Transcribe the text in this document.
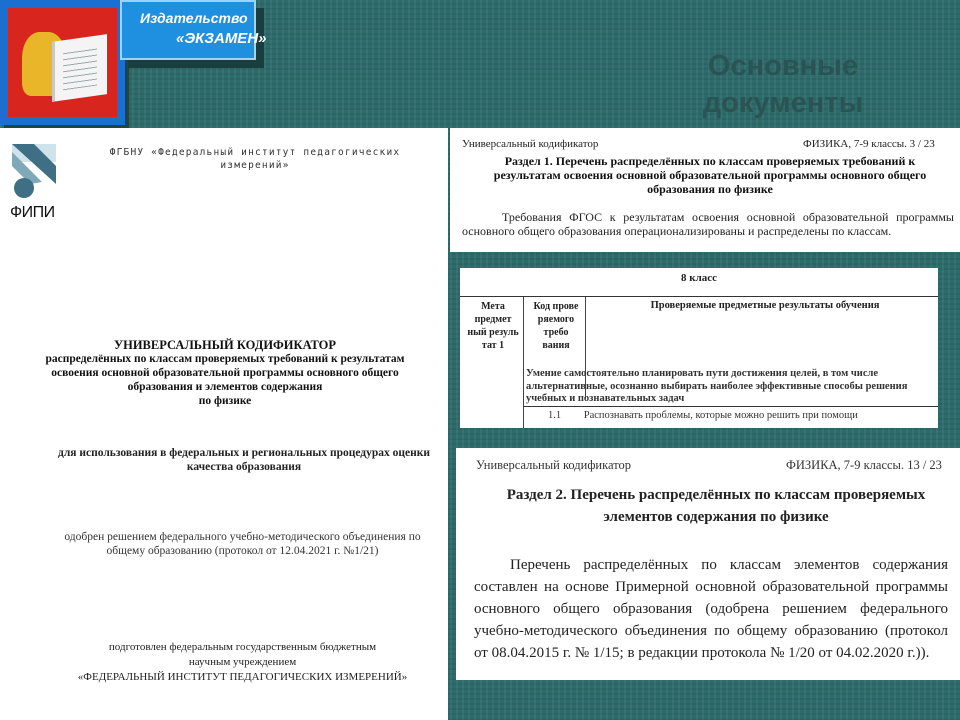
Издательство
«ЭКЗАМЕН»
Основные
документы
ФИПИ
ФГБНУ «Федеральный институт педагогических измерений»
УНИВЕРСАЛЬНЫЙ КОДИФИКАТОР
распределённых по классам проверяемых требований к результатам
освоения основной образовательной программы основного общего
образования и элементов содержания
по физике
для использования в федеральных и региональных процедурах оценки
качества образования
одобрен решением федерального учебно-методического объединения по
общему образованию (протокол от 12.04.2021 г. №1/21)
подготовлен федеральным государственным бюджетным
научным учреждением
«ФЕДЕРАЛЬНЫЙ ИНСТИТУТ ПЕДАГОГИЧЕСКИХ ИЗМЕРЕНИЙ»
Универсальный кодификатор	ФИЗИКА, 7-9 классы. 3 / 23
Раздел 1. Перечень распределённых по классам проверяемых требований к результатам освоения основной образовательной программы основного общего образования по физике
Требования ФГОС к результатам освоения основной образовательной программы основного общего образования операционализированы и распределены по классам.
8 класс
Мета предмет ный резуль тат 1
Код прове ряемого требо вания
Проверяемые предметные результаты обучения
Умение самостоятельно планировать пути достижения целей, в том числе альтернативные, осознанно выбирать наиболее эффективные способы решения учебных и познавательных задач
1.1 Распознавать проблемы, которые можно решить при помощи
Универсальный кодификатор	ФИЗИКА, 7-9 классы. 13 / 23
Раздел 2. Перечень распределённых по классам проверяемых элементов содержания по физике
Перечень распределённых по классам элементов содержания составлен на основе Примерной основной образовательной программы основного общего образования (одобрена решением федерального учебно-методического объединения по общему образованию (протокол от 08.04.2015 г. № 1/15; в редакции протокола № 1/20 от 04.02.2020 г.)).
